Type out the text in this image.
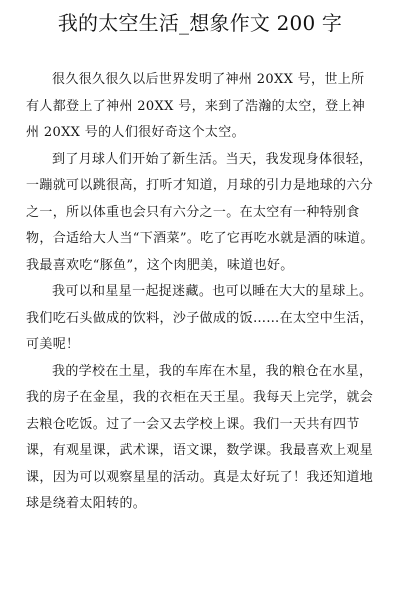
我的太空生活_想象作文 200 字

很久很久很久以后世界发明了神州 20XX 号，世上所有人都登上了神州 20XX 号，来到了浩瀚的太空，登上神州 20XX 号的人们很好奇这个太空。

到了月球人们开始了新生活。当天，我发现身体很轻，一蹦就可以跳很高，打听才知道，月球的引力是地球的六分之一，所以体重也会只有六分之一。在太空有一种特别食物，合适给大人当“下酒菜”。吃了它再吃水就是酒的味道。我最喜欢吃“豚鱼”，这个肉肥美，味道也好。

我可以和星星一起捉迷藏。也可以睡在大大的星球上。我们吃石头做成的饮料，沙子做成的饭……在太空中生活，可美呢！

我的学校在土星，我的车库在木星，我的粮仓在水星，我的房子在金星，我的衣柜在天王星。我每天上完学，就会去粮仓吃饭。过了一会又去学校上课。我们一天共有四节课，有观星课，武术课，语文课，数学课。我最喜欢上观星课，因为可以观察星星的活动。真是太好玩了！我还知道地球是绕着太阳转的。
